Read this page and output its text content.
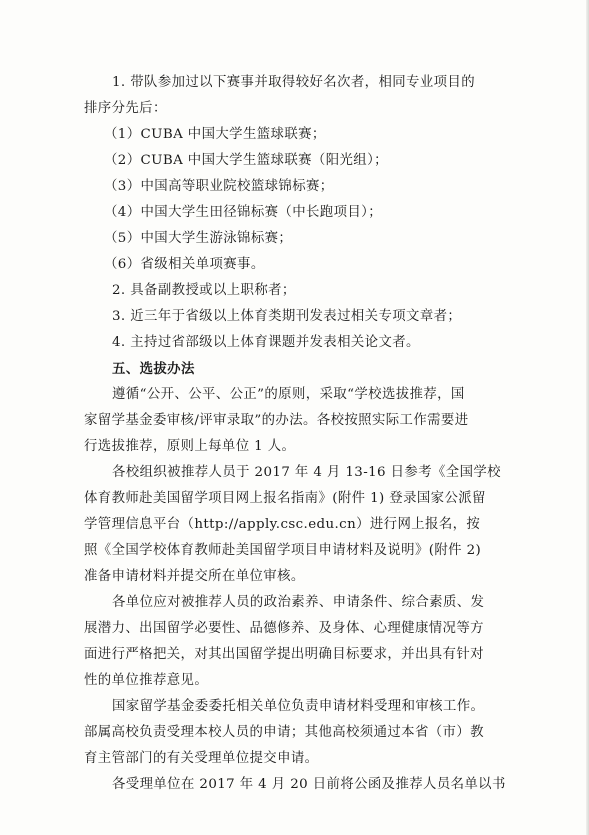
1. 带队参加过以下赛事并取得较好名次者，相同专业项目的
排序分先后：
（1）CUBA 中国大学生篮球联赛；
（2）CUBA 中国大学生篮球联赛（阳光组）；
（3）中国高等职业院校篮球锦标赛；
（4）中国大学生田径锦标赛（中长跑项目）；
（5）中国大学生游泳锦标赛；
（6）省级相关单项赛事。
2. 具备副教授或以上职称者；
3. 近三年于省级以上体育类期刊发表过相关专项文章者；
4. 主持过省部级以上体育课题并发表相关论文者。
五、选拔办法
遵循“公开、公平、公正”的原则，采取“学校选拔推荐，国
家留学基金委审核/评审录取”的办法。各校按照实际工作需要进
行选拔推荐，原则上每单位 1 人。
各校组织被推荐人员于 2017 年 4 月 13-16 日参考《全国学校
体育教师赴美国留学项目网上报名指南》(附件 1) 登录国家公派留
学管理信息平台（http://apply.csc.edu.cn）进行网上报名，按
照《全国学校体育教师赴美国留学项目申请材料及说明》(附件 2)
准备申请材料并提交所在单位审核。
各单位应对被推荐人员的政治素养、申请条件、综合素质、发
展潜力、出国留学必要性、品德修养、及身体、心理健康情况等方
面进行严格把关，对其出国留学提出明确目标要求，并出具有针对
性的单位推荐意见。
国家留学基金委委托相关单位负责申请材料受理和审核工作。
部属高校负责受理本校人员的申请；其他高校须通过本省（市）教
育主管部门的有关受理单位提交申请。
各受理单位在 2017 年 4 月 20 日前将公函及推荐人员名单以书
